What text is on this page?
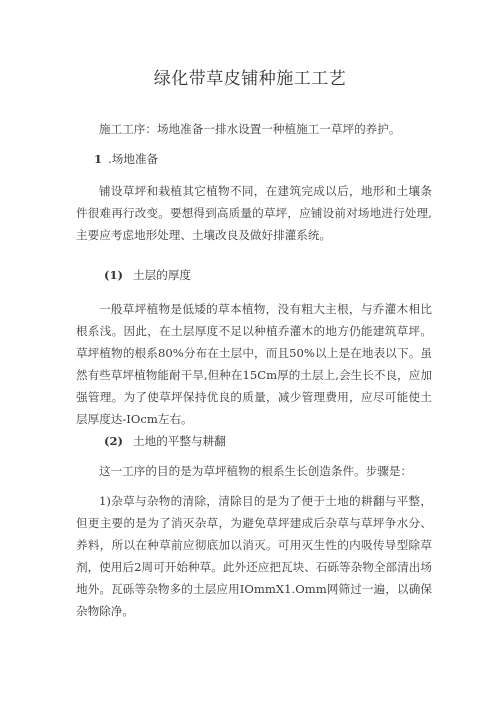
绿化带草皮铺种施工工艺

施工工序：场地准备一排水设置一种植施工一草坪的养护。

1 .场地准备

铺设草坪和栽植其它植物不同，在建筑完成以后，地形和土壤条件很难再行改变。要想得到高质量的草坪，应铺设前对场地进行处理,主要应考虑地形处理、土壤改良及做好排灌系统。

(1) 土层的厚度

一般草坪植物是低矮的草本植物，没有粗大主根，与乔灌木相比根系浅。因此，在土层厚度不足以种植乔灌木的地方仍能建筑草坪。草坪植物的根系80%分布在土层中，而且50%以上是在地表以下。虽然有些草坪植物能耐干旱,但种在15Cm厚的土层上,会生长不良，应加强管理。为了使草坪保持优良的质量，减少管理费用，应尽可能使土层厚度达-IOcm左右。

(2) 土地的平整与耕翻

这一工序的目的是为草坪植物的根系生长创造条件。步骤是：

1)杂草与杂物的清除，清除目的是为了便于土地的耕翻与平整，但更主要的是为了消灭杂草，为避免草坪建成后杂草与草坪争水分、养料，所以在种草前应彻底加以消灭。可用灭生性的内吸传导型除草剂，使用后2周可开始种草。此外还应把瓦块、石砾等杂物全部清出场地外。瓦砾等杂物多的土层应用IOmmX1.Omm网筛过一遍，以确保杂物除净。
